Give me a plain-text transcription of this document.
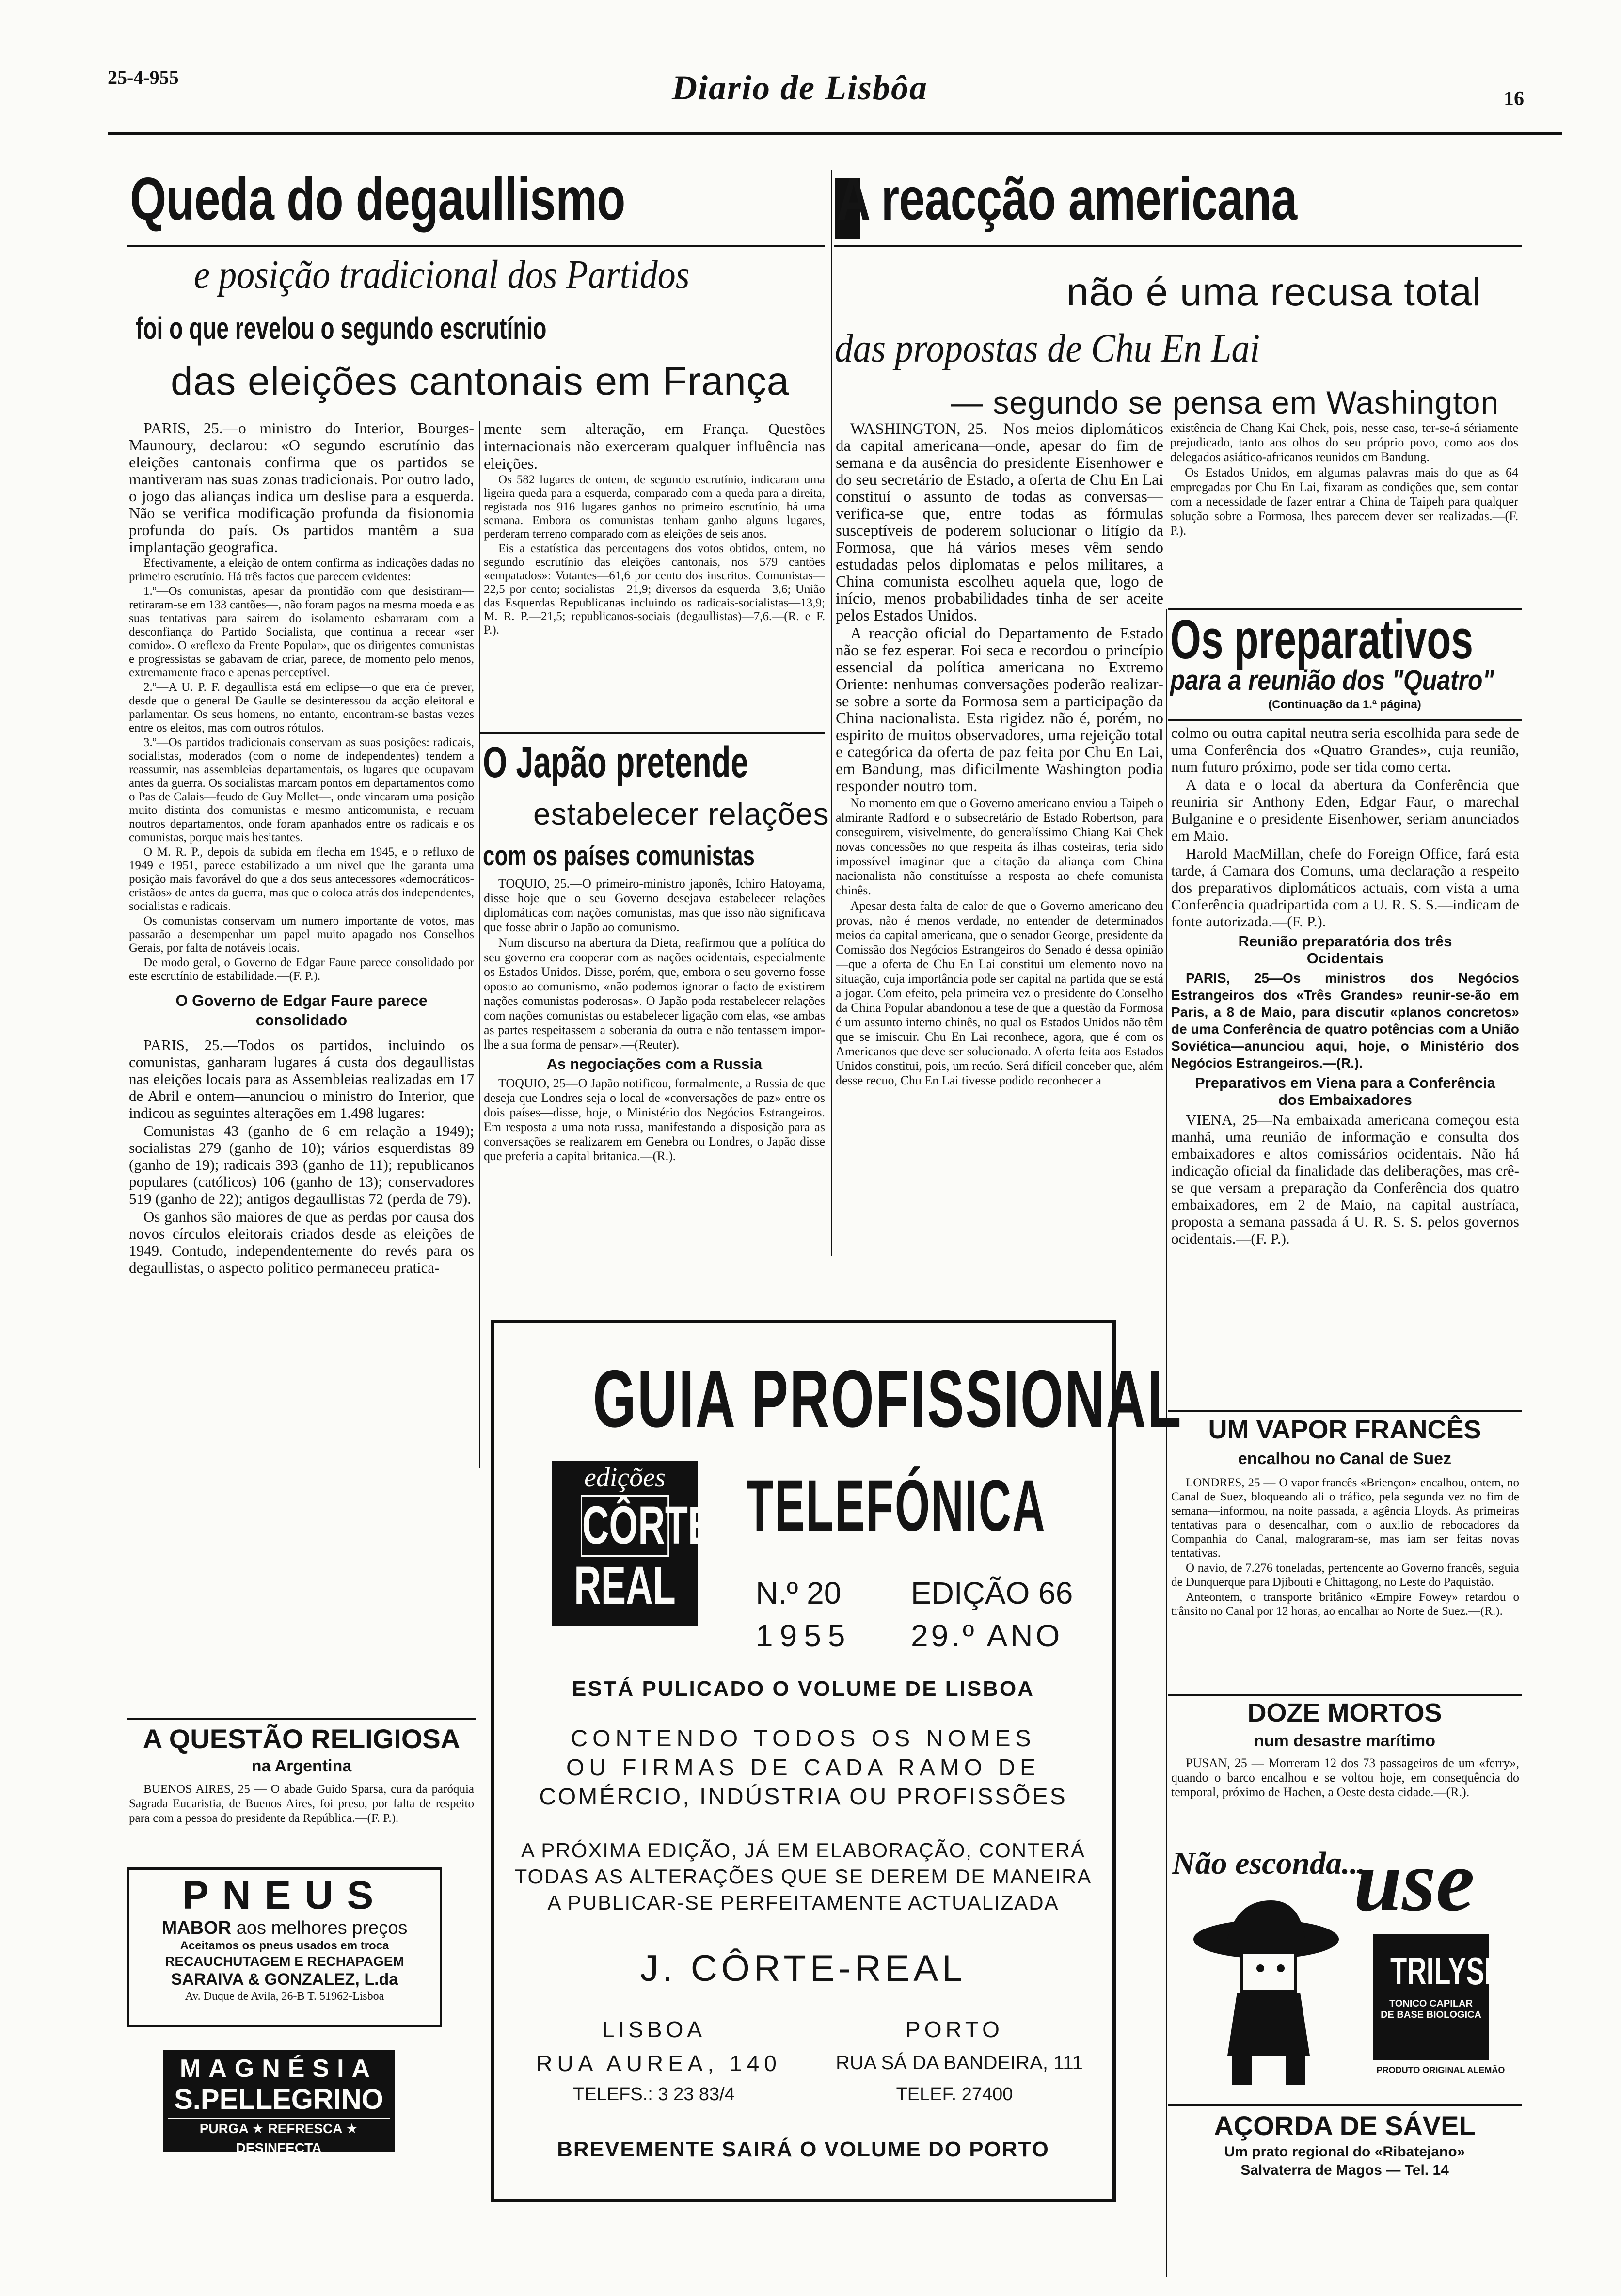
25-4-955	Diario de Lisbôa	16
Queda do degaullismo
e posição tradicional dos Partidos
foi o que revelou o segundo escrutínio
das eleições cantonais em França

PARIS, 25.—o ministro do Interior, Bourges-Maunoury, declarou: «O segundo escrutínio das eleições cantonais confirma que os partidos se mantiveram nas suas zonas tradicionais. Por outro lado, o jogo das alianças indica um deslise para a esquerda. Não se verifica modificação profunda da fisionomia profunda do país. Os partidos mantêm a sua implantação geografica.

Efectivamente, a eleição de ontem confirma as indicações dadas no primeiro escrutínio. Há três factos que parecem evidentes:

1.º—Os comunistas, apesar da prontidão com que desistiram—retiraram-se em 133 cantões—, não foram pagos na mesma moeda e as suas tentativas para sairem do isolamento esbarraram com a desconfiança do Partido Socialista, que continua a recear «ser comido». O «reflexo da Frente Popular», que os dirigentes comunistas e progressistas se gabavam de criar, parece, de momento pelo menos, extremamente fraco e apenas perceptível.

2.º—A U. P. F. degaullista está em eclipse—o que era de prever, desde que o general De Gaulle se desinteressou da acção eleitoral e parlamentar. Os seus homens, no entanto, encontram-se bastas vezes entre os eleitos, mas com outros rótulos.

3.º—Os partidos tradicionais conservam as suas posições: radicais, socialistas, moderados (com o nome de independentes) tendem a reassumir, nas assembleias departamentais, os lugares que ocupavam antes da guerra. Os socialistas marcam pontos em departamentos como o Pas de Calais—feudo de Guy Mollet—, onde vincaram uma posição muito distinta dos comunistas e mesmo anticomunista, e recuam noutros departamentos, onde foram apanhados entre os radicais e os comunistas, porque mais hesitantes.

O M. R. P., depois da subida em flecha em 1945, e o refluxo de 1949 e 1951, parece estabilizado a um nível que lhe garanta uma posição mais favorável do que a dos seus antecessores «democráticos-cristãos» de antes da guerra, mas que o coloca atrás dos independentes, socialistas e radicais.

Os comunistas conservam um numero importante de votos, mas passarão a desempenhar um papel muito apagado nos Conselhos Gerais, por falta de notáveis locais.

De modo geral, o Governo de Edgar Faure parece consolidado por este escrutínio de estabilidade.—(F. P.).

O Governo de Edgar Faure parece consolidado

PARIS, 25.—Todos os partidos, incluindo os comunistas, ganharam lugares á custa dos degaullistas nas eleições locais para as Assembleias realizadas em 17 de Abril e ontem—anunciou o ministro do Interior, que indicou as seguintes alterações em 1.498 lugares:

Comunistas 43 (ganho de 6 em relação a 1949); socialistas 279 (ganho de 10); vários esquerdistas 89 (ganho de 19); radicais 393 (ganho de 11); republicanos populares (católicos) 106 (ganho de 13); conservadores 519 (ganho de 22); antigos degaullistas 72 (perda de 79).

Os ganhos são maiores de que as perdas por causa dos novos círculos eleitorais criados desde as eleições de 1949. Contudo, independentemente do revés para os degaullistas, o aspecto politico permaneceu pratica-

mente sem alteração, em França. Questões internacionais não exerceram qualquer influência nas eleições.

Os 582 lugares de ontem, de segundo escrutínio, indicaram uma ligeira queda para a esquerda, comparado com a queda para a direita, registada nos 916 lugares ganhos no primeiro escrutínio, há uma semana. Embora os comunistas tenham ganho alguns lugares, perderam terreno comparado com as eleições de seis anos.

Eis a estatística das percentagens dos votos obtidos, ontem, no segundo escrutínio das eleições cantonais, nos 579 cantões «empatados»: Votantes—61,6 por cento dos inscritos. Comunistas—22,5 por cento; socialistas—21,9; diversos da esquerda—3,6; União das Esquerdas Republicanas incluindo os radicais-socialistas—13,9; M. R. P.—21,5; republicanos-sociais (degaullistas)—7,6.—(R. e F. P.).

O Japão pretende
estabelecer relações
com os países comunistas

TOQUIO, 25.—O primeiro-ministro japonês, Ichiro Hatoyama, disse hoje que o seu Governo desejava estabelecer relações diplomáticas com nações comunistas, mas que isso não significava que fosse abrir o Japão ao comunismo.

Num discurso na abertura da Dieta, reafirmou que a política do seu governo era cooperar com as nações ocidentais, especialmente os Estados Unidos. Disse, porém, que, embora o seu governo fosse oposto ao comunismo, «não podemos ignorar o facto de existirem nações comunistas poderosas». O Japão poda restabelecer relações com nações comunistas ou estabelecer ligação com elas, «se ambas as partes respeitassem a soberania da outra e não tentassem impor-lhe a sua forma de pensar».—(Reuter).

As negociações com a Russia

TOQUIO, 25—O Japão notificou, formalmente, a Russia de que deseja que Londres seja o local de «conversações de paz» entre os dois países—disse, hoje, o Ministério dos Negócios Estrangeiros. Em resposta a uma nota russa, manifestando a disposição para as conversações se realizarem em Genebra ou Londres, o Japão disse que preferia a capital britanica.—(R.).

A reacção americana
não é uma recusa total
das propostas de Chu En Lai
— segundo se pensa em Washington

WASHINGTON, 25.—Nos meios diplomáticos da capital americana—onde, apesar do fim de semana e da ausência do presidente Eisenhower e do seu secretário de Estado, a oferta de Chu En Lai constituí o assunto de todas as conversas—verifica-se que, entre todas as fórmulas susceptíveis de poderem solucionar o litígio da Formosa, que há vários meses vêm sendo estudadas pelos diplomatas e pelos militares, a China comunista escolheu aquela que, logo de início, menos probabilidades tinha de ser aceite pelos Estados Unidos.

A reacção oficial do Departamento de Estado não se fez esperar. Foi seca e recordou o princípio essencial da política americana no Extremo Oriente: nenhumas conversações poderão realizar-se sobre a sorte da Formosa sem a participação da China nacionalista. Esta rigidez não é, porém, no espirito de muitos observadores, uma rejeição total e categórica da oferta de paz feita por Chu En Lai, em Bandung, mas dificilmente Washington podia responder noutro tom.

No momento em que o Governo americano enviou a Taipeh o almirante Radford e o subsecretário de Estado Robertson, para conseguirem, visivelmente, do generalíssimo Chiang Kai Chek novas concessões no que respeita ás ilhas costeiras, teria sido impossível imaginar que a citação da aliança com China nacionalista não constituísse a resposta ao chefe comunista chinês.

Apesar desta falta de calor de que o Governo americano deu provas, não é menos verdade, no entender de determinados meios da capital americana, que o senador George, presidente da Comissão dos Negócios Estrangeiros do Senado é dessa opinião—que a oferta de Chu En Lai constitui um elemento novo na situação, cuja importância pode ser capital na partida que se está a jogar. Com efeito, pela primeira vez o presidente do Conselho da China Popular abandonou a tese de que a questão da Formosa é um assunto interno chinês, no qual os Estados Unidos não têm que se imiscuir. Chu En Lai reconhece, agora, que é com os Americanos que deve ser solucionado. A oferta feita aos Estados Unidos constitui, pois, um recúo. Será difícil conceber que, além desse recuo, Chu En Lai tivesse podido reconhecer a

existência de Chang Kai Chek, pois, nesse caso, ter-se-á sériamente prejudicado, tanto aos olhos do seu próprio povo, como aos dos delegados asiático-africanos reunidos em Bandung.

Os Estados Unidos, em algumas palavras mais do que as 64 empregadas por Chu En Lai, fixaram as condições que, sem contar com a necessidade de fazer entrar a China de Taipeh para qualquer solução sobre a Formosa, lhes parecem dever ser realizadas.—(F. P.).

Os preparativos
para a reunião dos "Quatro"
(Continuação da 1.ª página)

colmo ou outra capital neutra seria escolhida para sede de uma Conferência dos «Quatro Grandes», cuja reunião, num futuro próximo, pode ser tida como certa.

A data e o local da abertura da Conferência que reuniria sir Anthony Eden, Edgar Faur, o marechal Bulganine e o presidente Eisenhower, seriam anunciados em Maio.

Harold MacMillan, chefe do Foreign Office, fará esta tarde, á Camara dos Comuns, uma declaração a respeito dos preparativos diplomáticos actuais, com vista a uma Conferência quadripartida com a U. R. S. S.—indicam de fonte autorizada.—(F. P.).

Reunião preparatória dos três Ocidentais

PARIS, 25—Os ministros dos Negócios Estrangeiros dos «Três Grandes» reunir-se-ão em Paris, a 8 de Maio, para discutir «planos concretos» de uma Conferência de quatro potências com a União Soviética—anunciou aqui, hoje, o Ministério dos Negócios Estrangeiros.—(R.).

Preparativos em Viena para a Conferência dos Embaixadores

VIENA, 25—Na embaixada americana começou esta manhã, uma reunião de informação e consulta dos embaixadores e altos comissários ocidentais. Não há indicação oficial da finalidade das deliberações, mas crê-se que versam a preparação da Conferência dos quatro embaixadores, em 2 de Maio, na capital austríaca, proposta a semana passada á U. R. S. S. pelos governos ocidentais.—(F. P.).

UM VAPOR FRANCÊS
encalhou no Canal de Suez

LONDRES, 25 — O vapor francês «Briençon» encalhou, ontem, no Canal de Suez, bloqueando ali o tráfico, pela segunda vez no fim de semana—informou, na noite passada, a agência Lloyds. As primeiras tentativas para o desencalhar, com o auxilio de rebocadores da Companhia do Canal, malograram-se, mas iam ser feitas novas tentativas.

O navio, de 7.276 toneladas, pertencente ao Governo francês, seguia de Dunquerque para Djibouti e Chittagong, no Leste do Paquistão.

Anteontem, o transporte britânico «Empire Fowey» retardou o trânsito no Canal por 12 horas, ao encalhar ao Norte de Suez.—(R.).

DOZE MORTOS
num desastre marítimo

PUSAN, 25 — Morreram 12 dos 73 passageiros de um «ferry», quando o barco encalhou e se voltou hoje, em consequência do temporal, próximo de Hachen, a Oeste desta cidade.—(R.).

Não esconda...
use
TRILYSIN
TONICO CAPILAR
DE BASE BIOLOGICA
PRODUTO ORIGINAL ALEMÃO
AÇORDA DE SÁVEL
Um prato regional do «Ribatejano»
Salvaterra de Magos — Tel. 14
A QUESTÃO RELIGIOSA
na Argentina

BUENOS AIRES, 25 — O abade Guido Sparsa, cura da paróquia Sagrada Eucaristia, de Buenos Aires, foi preso, por falta de respeito para com a pessoa do presidente da República.—(F. P.).

PNEUS
MABOR aos melhores preços
Aceitamos os pneus usados em troca
RECAUCHUTAGEM E RECHAPAGEM
SARAIVA & GONZALEZ, L.da
Av. Duque de Avila, 26-B T. 51962-Lisboa
MAGNÉSIA
S.PELLEGRINO
PURGA ★ REFRESCA ★ DESINFECTA
GUIA PROFISSIONAL
edições
CÔRTE
REAL
TELEFÓNICA
N.º 20 EDIÇÃO 66
1955 29.º ANO
ESTÁ PULICADO O VOLUME DE LISBOA
CONTENDO TODOS OS NOMES
OU FIRMAS DE CADA RAMO DE
COMÉRCIO, INDÚSTRIA OU PROFISSÕES
A PRÓXIMA EDIÇÃO, JÁ EM ELABORAÇÃO, CONTERÁ
TODAS AS ALTERAÇÕES QUE SE DEREM DE MANEIRA
A PUBLICAR-SE PERFEITAMENTE ACTUALIZADA
J. CÔRTE-REAL
LISBOA	PORTO
RUA AUREA, 140	RUA SÁ DA BANDEIRA, 111
TELEFS.: 3 23 83/4	TELEF. 27400
BREVEMENTE SAIRÁ O VOLUME DO PORTO
